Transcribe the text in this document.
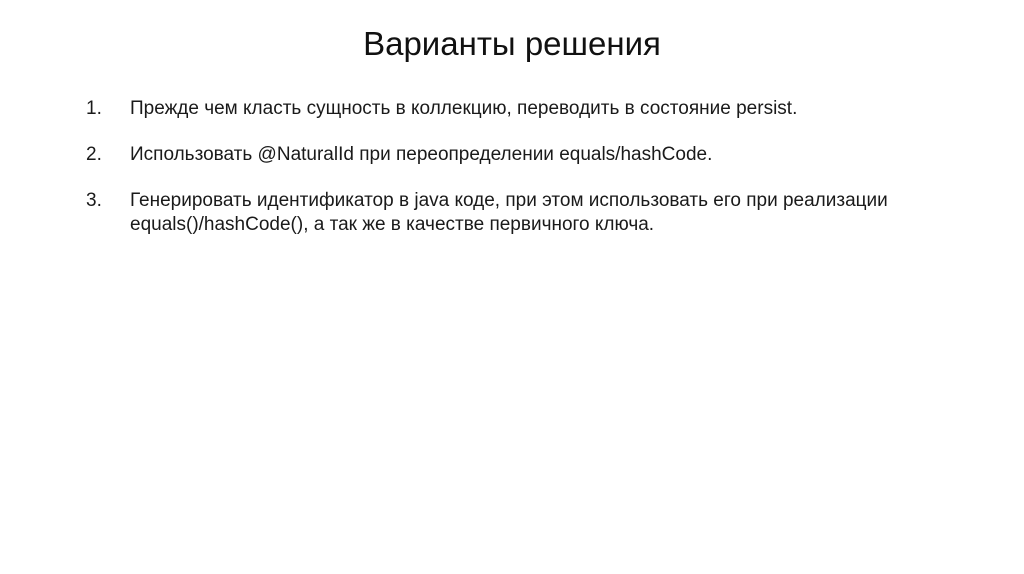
Варианты решения
1.	Прежде чем класть сущность в коллекцию, переводить в состояние persist.
2.	Использовать @NaturalId при переопределении equals/hashCode.
3.	Генерировать идентификатор в java коде, при этом использовать его при реализации equals()/hashCode(), а так же в качестве первичного ключа.
